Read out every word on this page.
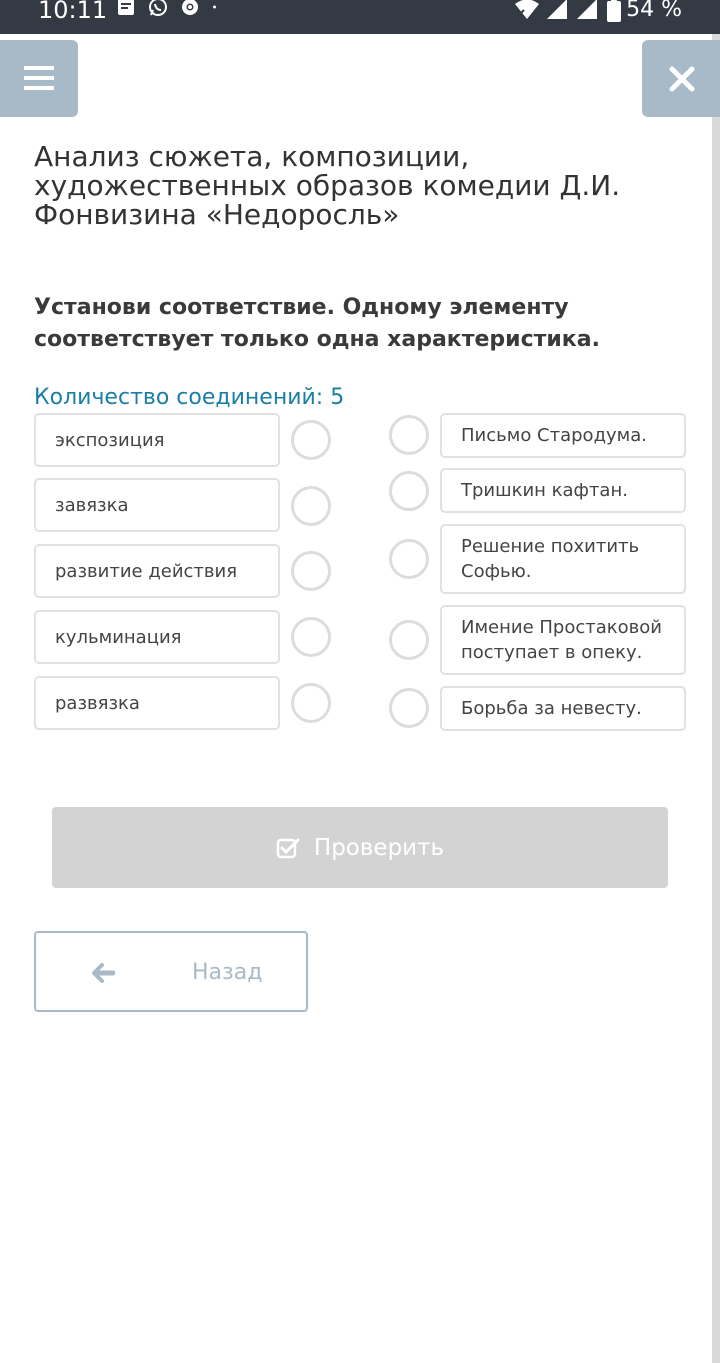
10:11	54 %
Анализ сюжета, композиции, художественных образов комедии Д.И. Фонвизина «Недоросль»
Установи соответствие. Одному элементу соответствует только одна характеристика.
Количество соединений: 5
экспозиция
завязка
развитие действия
кульминация
развязка
Письмо Стародума.
Тришкин кафтан.
Решение похитить Софью.
Имение Простаковой поступает в опеку.
Борьба за невесту.
Проверить
Назад
